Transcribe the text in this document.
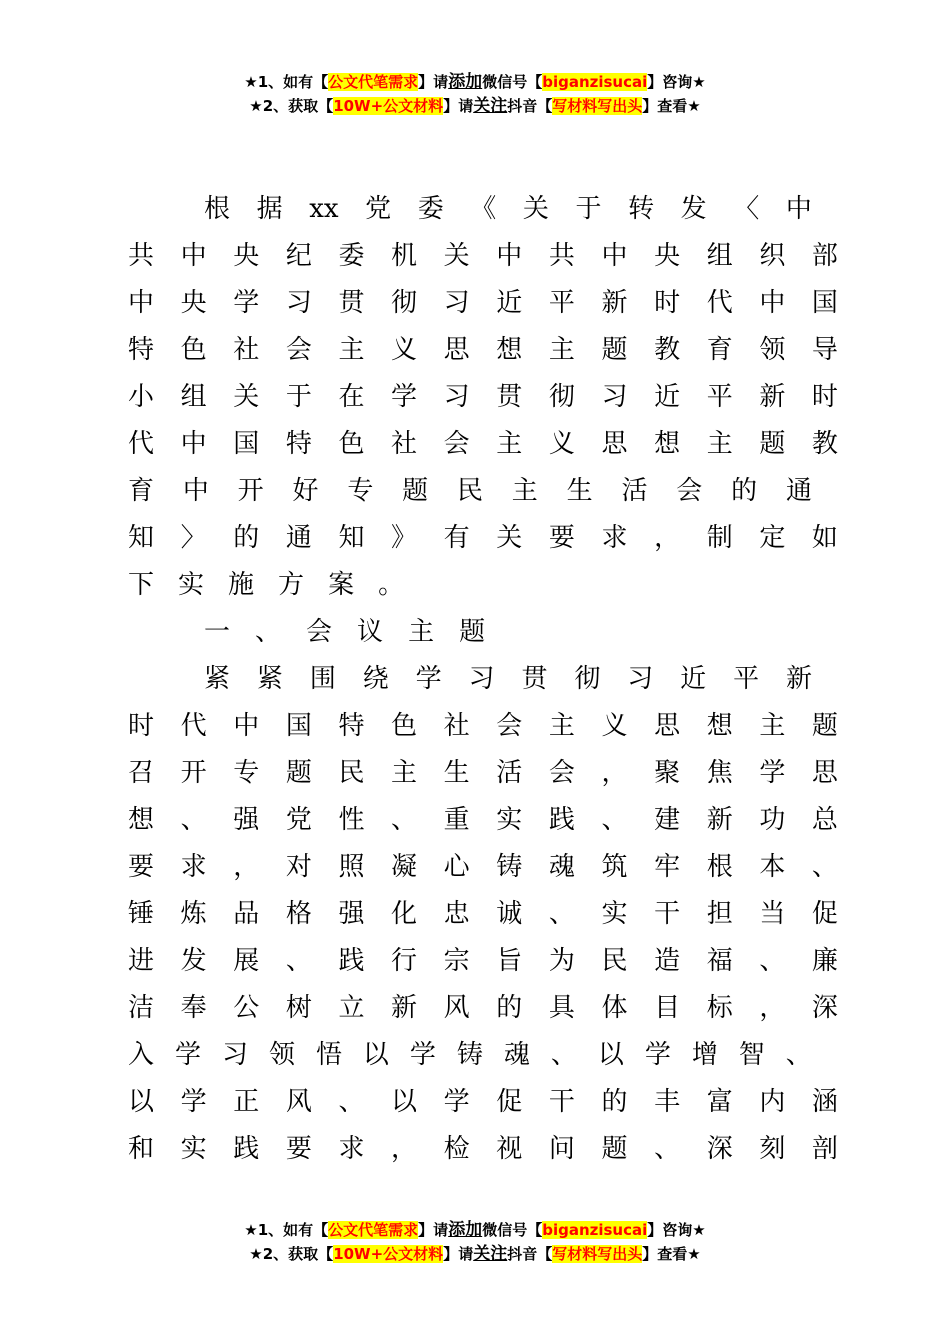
★1、如有【公文代笔需求】请添加微信号【biganzisucai】咨询★
★2、获取【10W+公文材料】请关注抖音【写材料写出头】查看★
根 据 xx 党 委 《 关 于 转 发 〈 中
共 中 央 纪 委 机 关 中 共 中 央 组 织 部
中 央 学 习 贯 彻 习 近 平 新 时 代 中 国
特 色 社 会 主 义 思 想 主 题 教 育 领 导
小 组 关 于 在 学 习 贯 彻 习 近 平 新 时
代 中 国 特 色 社 会 主 义 思 想 主 题 教
育 中 开 好 专 题 民 主 生 活 会 的 通
知 〉 的 通 知 》 有 关 要 求 ， 制 定 如
下 实 施 方 案 。
一 、 会 议 主 题
紧 紧 围 绕 学 习 贯 彻 习 近 平 新
时 代 中 国 特 色 社 会 主 义 思 想 主 题
召 开 专 题 民 主 生 活 会 ， 聚 焦 学 思
想 、 强 党 性 、 重 实 践 、 建 新 功 总
要 求 ， 对 照 凝 心 铸 魂 筑 牢 根 本 、
锤 炼 品 格 强 化 忠 诚 、 实 干 担 当 促
进 发 展 、 践 行 宗 旨 为 民 造 福 、 廉
洁 奉 公 树 立 新 风 的 具 体 目 标 ， 深
入 学 习 领 悟 以 学 铸 魂 、 以 学 增 智 、
以 学 正 风 、 以 学 促 干 的 丰 富 内 涵
和 实 践 要 求 ， 检 视 问 题 、 深 刻 剖
★1、如有【公文代笔需求】请添加微信号【biganzisucai】咨询★
★2、获取【10W+公文材料】请关注抖音【写材料写出头】查看★
